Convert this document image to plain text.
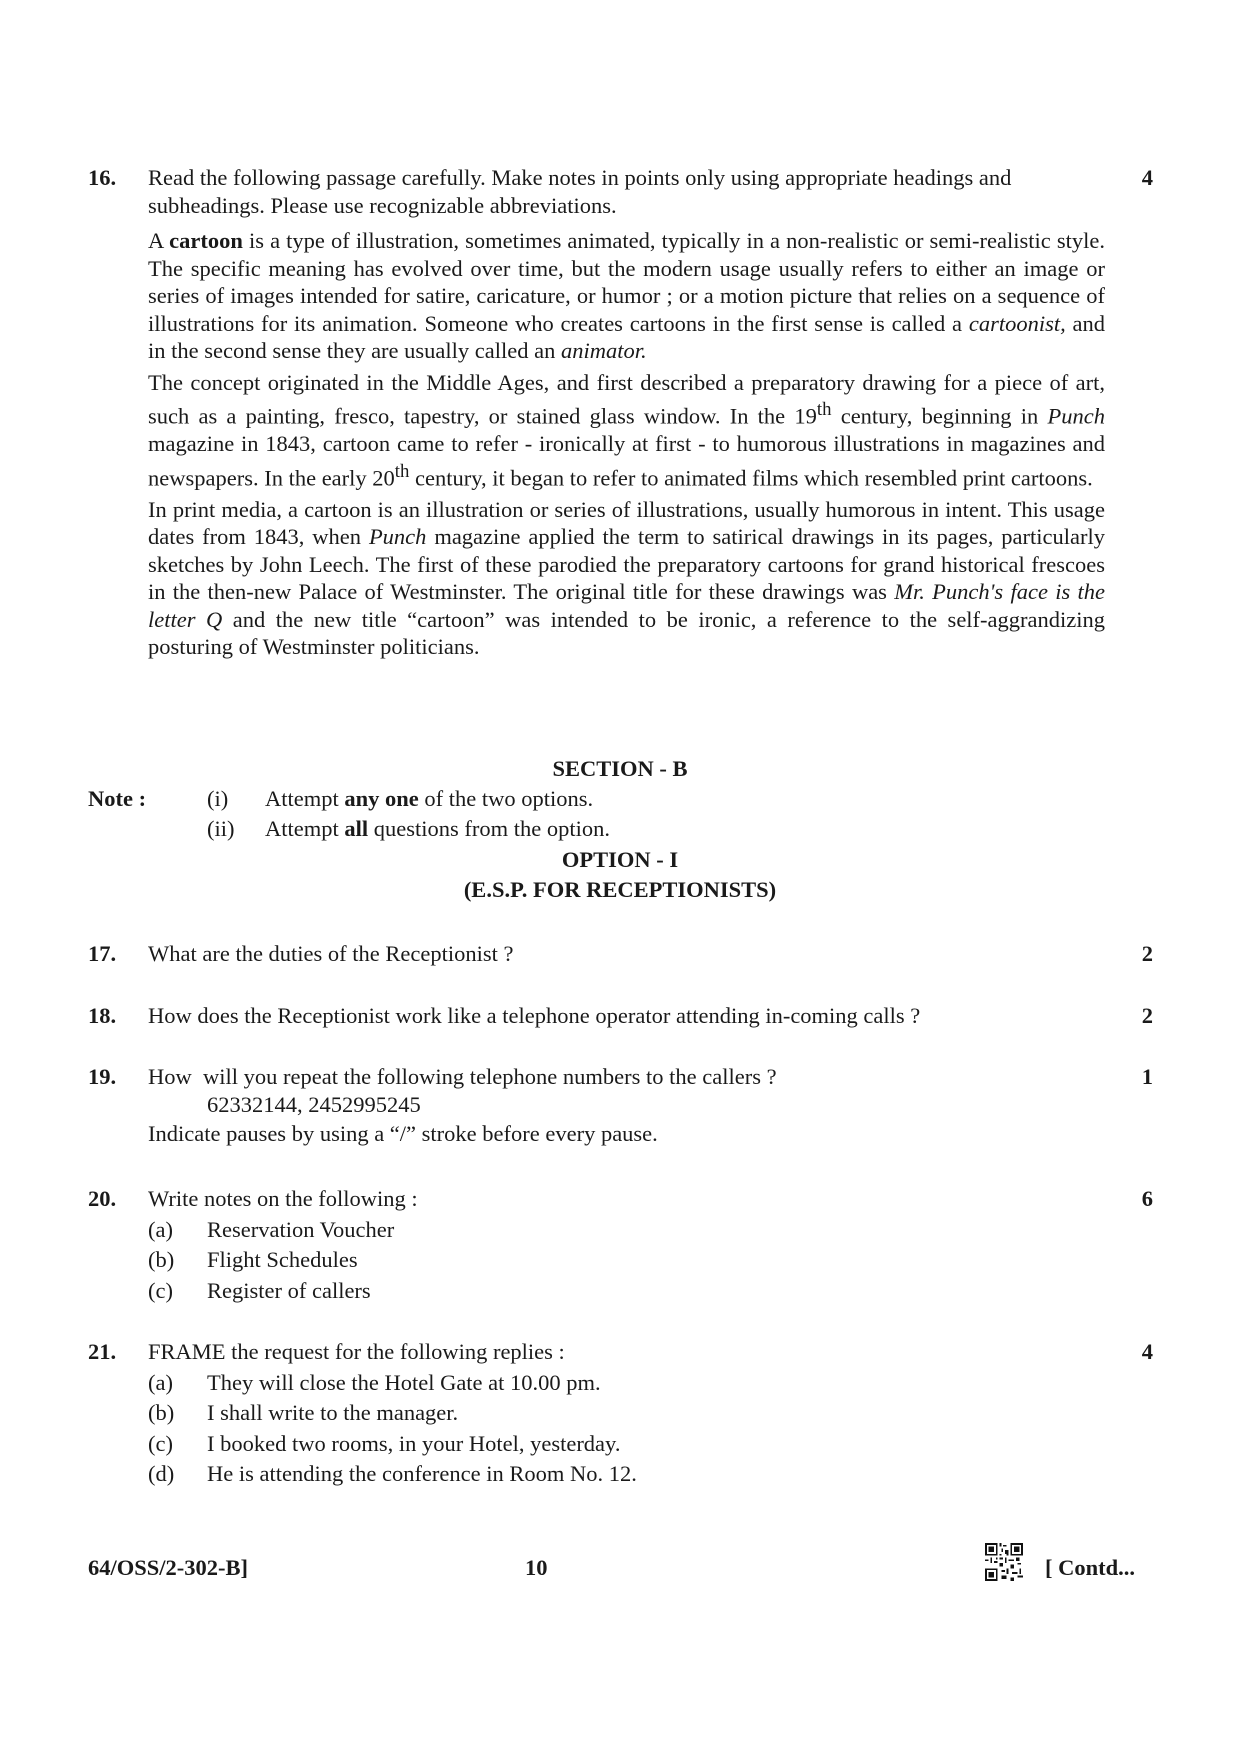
16.	4

Read the following passage carefully. Make notes in points only using appropriate headings and subheadings. Please use recognizable abbreviations.

A cartoon is a type of illustration, sometimes animated, typically in a non-realistic or semi-realistic style. The specific meaning has evolved over time, but the modern usage usually refers to either an image or series of images intended for satire, caricature, or humor ; or a motion picture that relies on a sequence of illustrations for its animation. Someone who creates cartoons in the first sense is called a cartoonist, and in the second sense they are usually called an animator.

The concept originated in the Middle Ages, and first described a preparatory drawing for a piece of art, such as a painting, fresco, tapestry, or stained glass window. In the 19th century, beginning in Punch magazine in 1843, cartoon came to refer - ironically at first - to humorous illustrations in magazines and newspapers. In the early 20th century, it began to refer to animated films which resembled print cartoons.

In print media, a cartoon is an illustration or series of illustrations, usually humorous in intent. This usage dates from 1843, when Punch magazine applied the term to satirical drawings in its pages, particularly sketches by John Leech. The first of these parodied the preparatory cartoons for grand historical frescoes in the then-new Palace of Westminster. The original title for these drawings was Mr. Punch's face is the letter Q and the new title “cartoon” was intended to be ironic, a reference to the self-aggrandizing posturing of Westminster politicians.

SECTION - B
Note :	(i) Attempt any one of the two options.
(ii) Attempt all questions from the option.
OPTION - I
(E.S.P. FOR RECEPTIONISTS)
17.	2
What are the duties of the Receptionist ?
18.	2
How does the Receptionist work like a telephone operator attending in-coming calls ?
19.	1
How  will you repeat the following telephone numbers to the callers ?
62332144, 2452995245
Indicate pauses by using a “/” stroke before every pause.
20.	6
Write notes on the following :
(a)	Reservation Voucher
(b)	Flight Schedules
(c)	Register of callers
21.	4
FRAME the request for the following replies :
(a)	They will close the Hotel Gate at 10.00 pm.
(b)	I shall write to the manager.
(c)	I booked two rooms, in your Hotel, yesterday.
(d)	He is attending the conference in Room No. 12.
64/OSS/2-302-B]	10	[ Contd...
